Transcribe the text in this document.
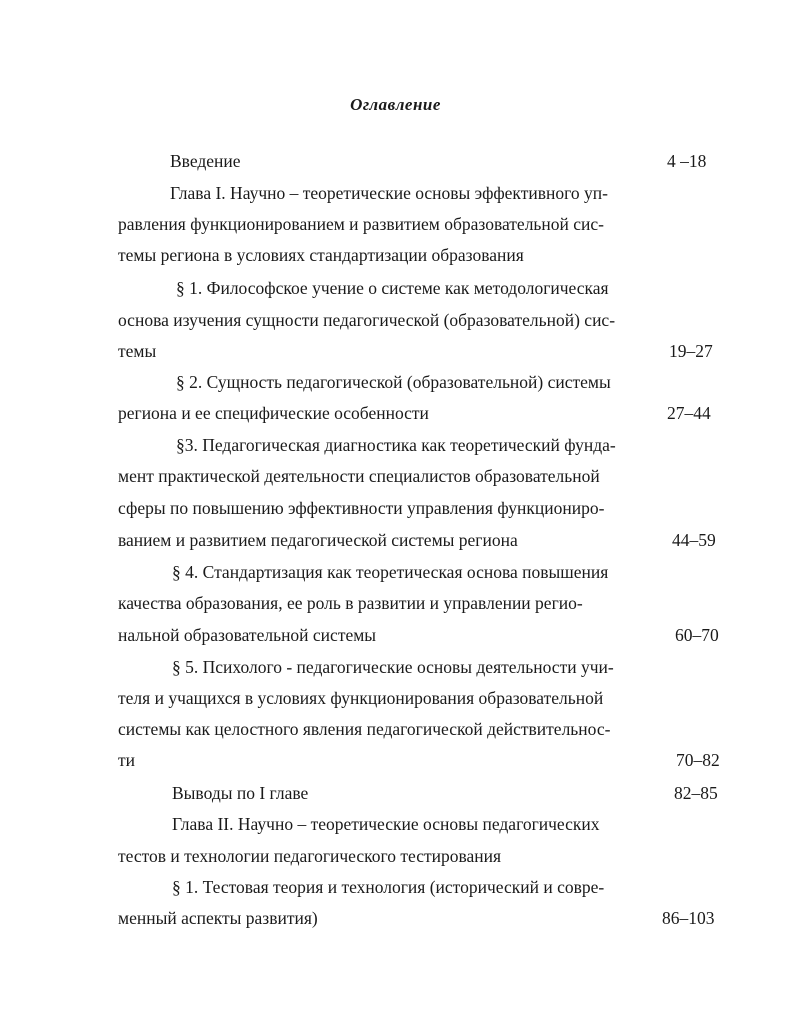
Оглавление
Введение	4 –18
Глава I. Научно – теоретические основы эффективного уп-
равления функционированием и развитием образовательной сис-
темы региона в условиях стандартизации образования
§ 1. Философское учение о системе как методологическая
основа изучения сущности педагогической (образовательной) сис-
темы	19–27
§ 2. Сущность педагогической (образовательной) системы
региона и ее специфические особенности	27–44
§3. Педагогическая диагностика как теоретический фунда-
мент практической деятельности специалистов образовательной
сферы по повышению эффективности управления функциониро-
ванием и развитием педагогической системы региона	44–59
§ 4. Стандартизация как теоретическая основа повышения
качества образования, ее роль в развитии и управлении регио-
нальной образовательной системы	60–70
§ 5. Психолого - педагогические основы деятельности учи-
теля и учащихся в условиях функционирования образовательной
системы как целостного явления педагогической действительнос-
ти	70–82
Выводы по I главе	82–85
Глава II. Научно – теоретические основы педагогических
тестов и технологии педагогического тестирования
§ 1. Тестовая теория и технология (исторический и совре-
менный аспекты развития)	86–103
